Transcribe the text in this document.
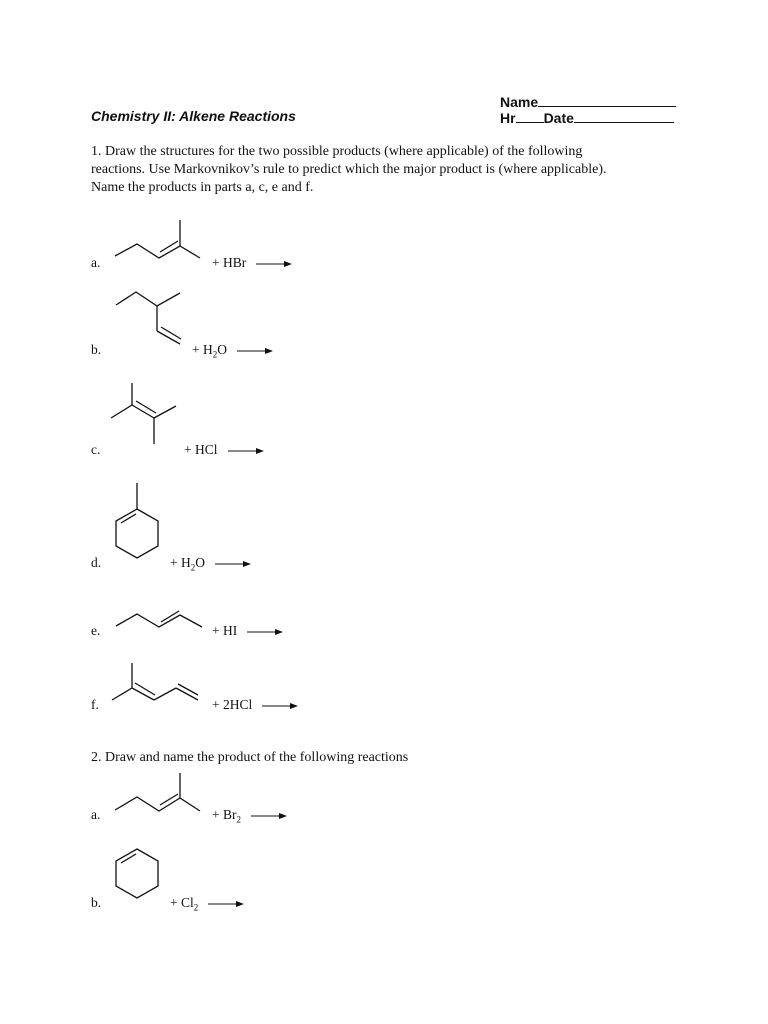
Chemistry II: Alkene Reactions
Name
Hr Date
1. Draw the structures for the two possible products (where applicable) of the following
reactions. Use Markovnikov’s rule to predict which the major product is (where applicable).
Name the products in parts a, c, e and f.
a.	+ HBr →
b.	+ $H_2O$ →
c.	+ HCl →
d.	+ $H_2O$ →
e.	+ HI →
f.	+ 2HCl →
2. Draw and name the product of the following reactions
a.	+ $Br_2$ →
b.	+ $Cl_2$ →
